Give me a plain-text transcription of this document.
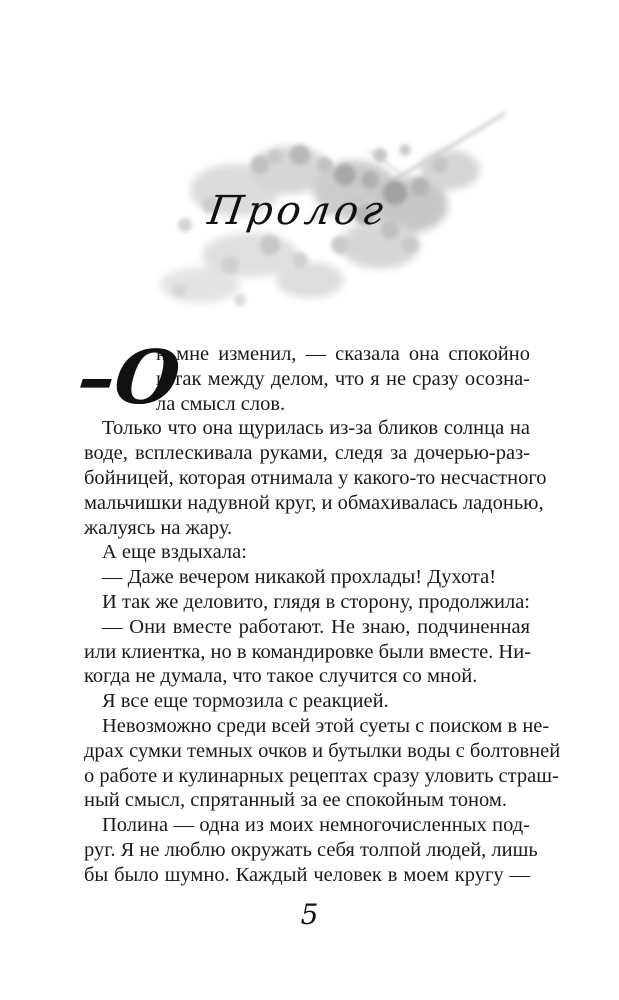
Пролог
–О
н мне изменил, — сказала она спокойно
и так между делом, что я не сразу осозна-
ла смысл слов.
Только что она щурилась из-за бликов солнца на
воде, всплескивала руками, следя за дочерью-раз-
бойницей, которая отнимала у какого-то несчастного
мальчишки надувной круг, и обмахивалась ладонью,
жалуясь на жару.
А еще вздыхала:
— Даже вечером никакой прохлады! Духота!
И так же деловито, глядя в сторону, продолжила:
— Они вместе работают. Не знаю, подчиненная
или клиентка, но в командировке были вместе. Ни-
когда не думала, что такое случится со мной.
Я все еще тормозила с реакцией.
Невозможно среди всей этой суеты с поиском в не-
драх сумки темных очков и бутылки воды с болтовней
о работе и кулинарных рецептах сразу уловить страш-
ный смысл, спрятанный за ее спокойным тоном.
Полина — одна из моих немногочисленных под-
руг. Я не люблю окружать себя толпой людей, лишь
бы было шумно. Каждый человек в моем кругу —
5
